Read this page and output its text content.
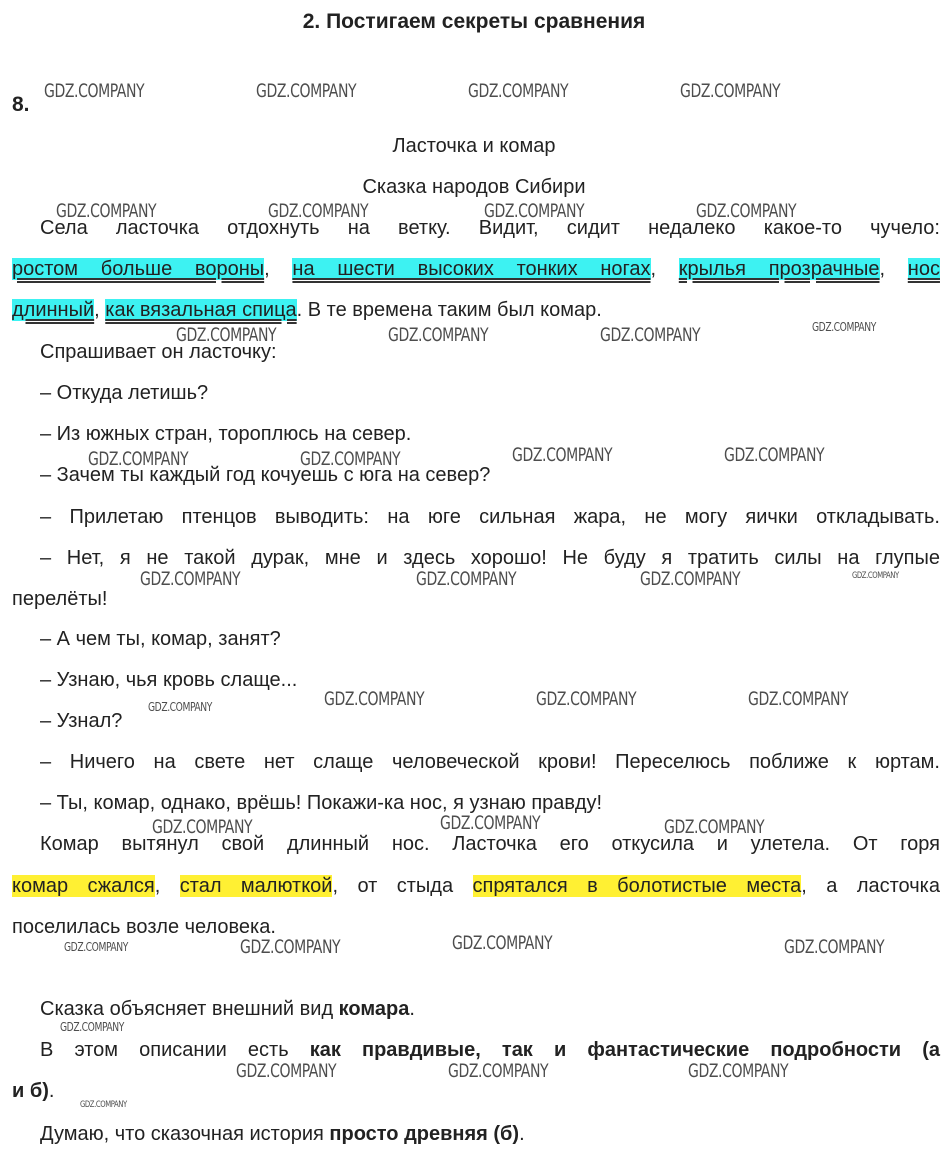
2. Постигаем секреты сравнения
8.
Ласточка и комар
Сказка народов Сибири
Села ласточка отдохнуть на ветку. Видит, сидит недалеко какое-то чучело:
ростом больше вороны, на шести высоких тонких ногах, крылья прозрачные, нос
длинный, как вязальная спица. В те времена таким был комар.
Спрашивает он ласточку:
– Откуда летишь?
– Из южных стран, тороплюсь на север.
– Зачем ты каждый год кочуешь с юга на север?
– Прилетаю птенцов выводить: на юге сильная жара, не могу яички откладывать.
– Нет, я не такой дурак, мне и здесь хорошо! Не буду я тратить силы на глупые
перелёты!
– А чем ты, комар, занят?
– Узнаю, чья кровь слаще...
– Узнал?
– Ничего на свете нет слаще человеческой крови! Переселюсь поближе к юртам.
– Ты, комар, однако, врёшь! Покажи-ка нос, я узнаю правду!
Комар вытянул свой длинный нос. Ласточка его откусила и улетела. От горя
комар сжался, стал малюткой, от стыда спрятался в болотистые места, а ласточка
поселилась возле человека.
Сказка объясняет внешний вид комара.
В этом описании есть как правдивые, так и фантастические подробности (а
и б).
Думаю, что сказочная история просто древняя (б).
GDZ.COMPANY	GDZ.COMPANY	GDZ.COMPANY	GDZ.COMPANY
GDZ.COMPANY	GDZ.COMPANY	GDZ.COMPANY	GDZ.COMPANY
GDZ.COMPANY	GDZ.COMPANY	GDZ.COMPANY	GDZ.COMPANY
GDZ.COMPANY	GDZ.COMPANY	GDZ.COMPANY	GDZ.COMPANY
GDZ.COMPANY	GDZ.COMPANY	GDZ.COMPANY	GDZ.COMPANY
GDZ.COMPANY	GDZ.COMPANY	GDZ.COMPANY	GDZ.COMPANY
GDZ.COMPANY	GDZ.COMPANY	GDZ.COMPANY
GDZ.COMPANY	GDZ.COMPANY	GDZ.COMPANY	GDZ.COMPANY
GDZ.COMPANY
GDZ.COMPANY	GDZ.COMPANY	GDZ.COMPANY
GDZ.COMPANY
